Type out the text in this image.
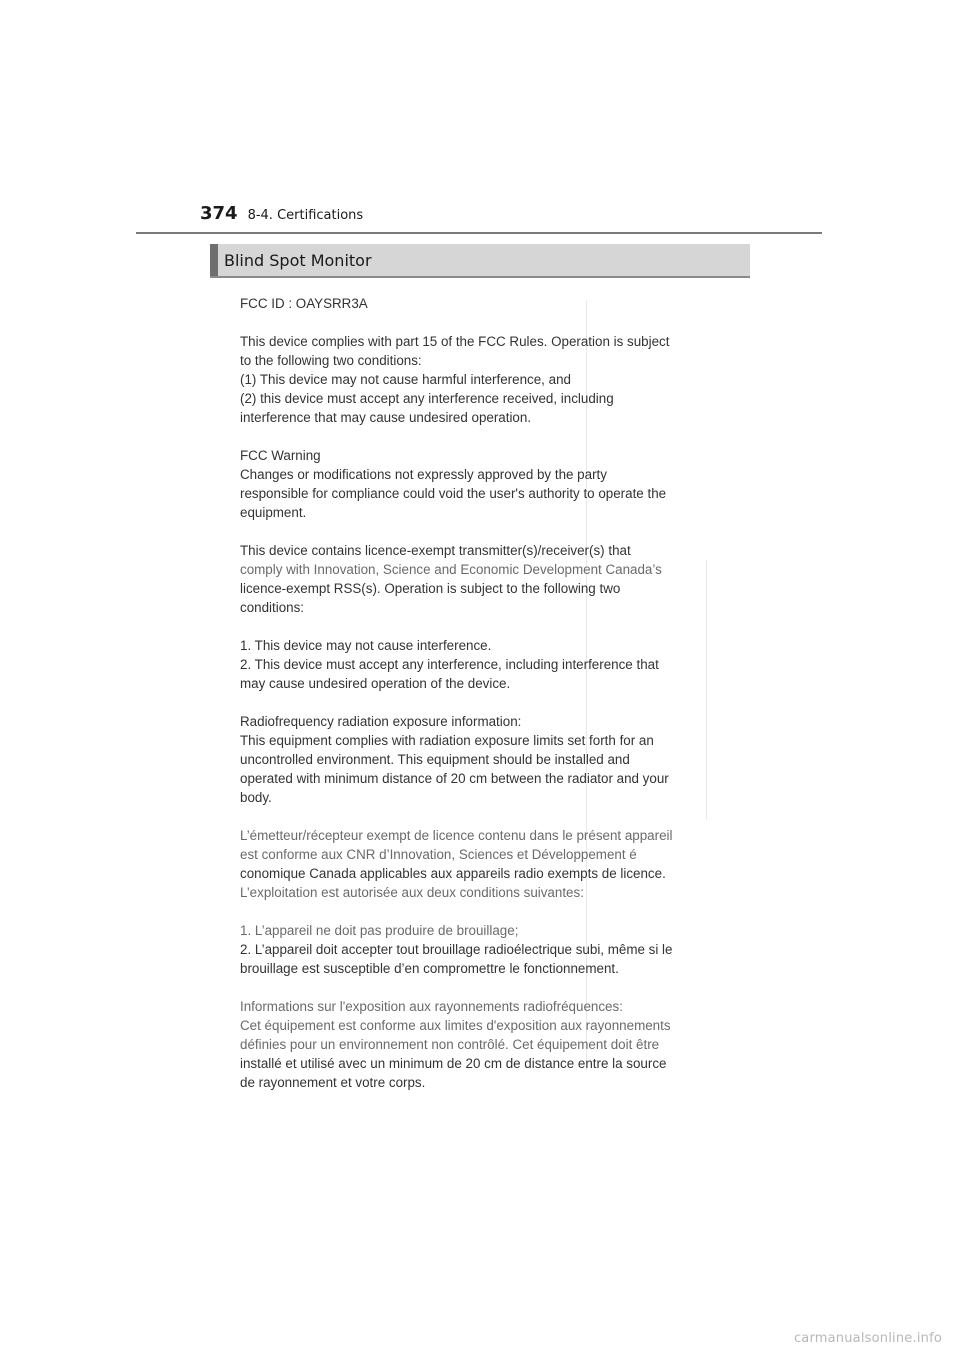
374 8-4. Certifications
Blind Spot Monitor

FCC ID : OAYSRR3A

This device complies with part 15 of the FCC Rules. Operation is subject

to the following two conditions:

(1) This device may not cause harmful interference, and

(2) this device must accept any interference received, including

interference that may cause undesired operation.

FCC Warning

Changes or modifications not expressly approved by the party

responsible for compliance could void the user's authority to operate the

equipment.

This device contains licence-exempt transmitter(s)/receiver(s) that

comply with Innovation, Science and Economic Development Canada’s

licence-exempt RSS(s). Operation is subject to the following two

conditions:

1. This device may not cause interference.

2. This device must accept any interference, including interference that

may cause undesired operation of the device.

Radiofrequency radiation exposure information:

This equipment complies with radiation exposure limits set forth for an

uncontrolled environment. This equipment should be installed and

operated with minimum distance of 20 cm between the radiator and your

body.

L’émetteur/récepteur exempt de licence contenu dans le présent appareil

est conforme aux CNR d’Innovation, Sciences et Développement é

conomique Canada applicables aux appareils radio exempts de licence.

L’exploitation est autorisée aux deux conditions suivantes:

1. L’appareil ne doit pas produire de brouillage;

2. L’appareil doit accepter tout brouillage radioélectrique subi, même si le

brouillage est susceptible d’en compromettre le fonctionnement.

Informations sur l'exposition aux rayonnements radiofréquences:

Cet équipement est conforme aux limites d'exposition aux rayonnements

définies pour un environnement non contrôlé. Cet équipement doit être

installé et utilisé avec un minimum de 20 cm de distance entre la source

de rayonnement et votre corps.

carmanualsonline.info
